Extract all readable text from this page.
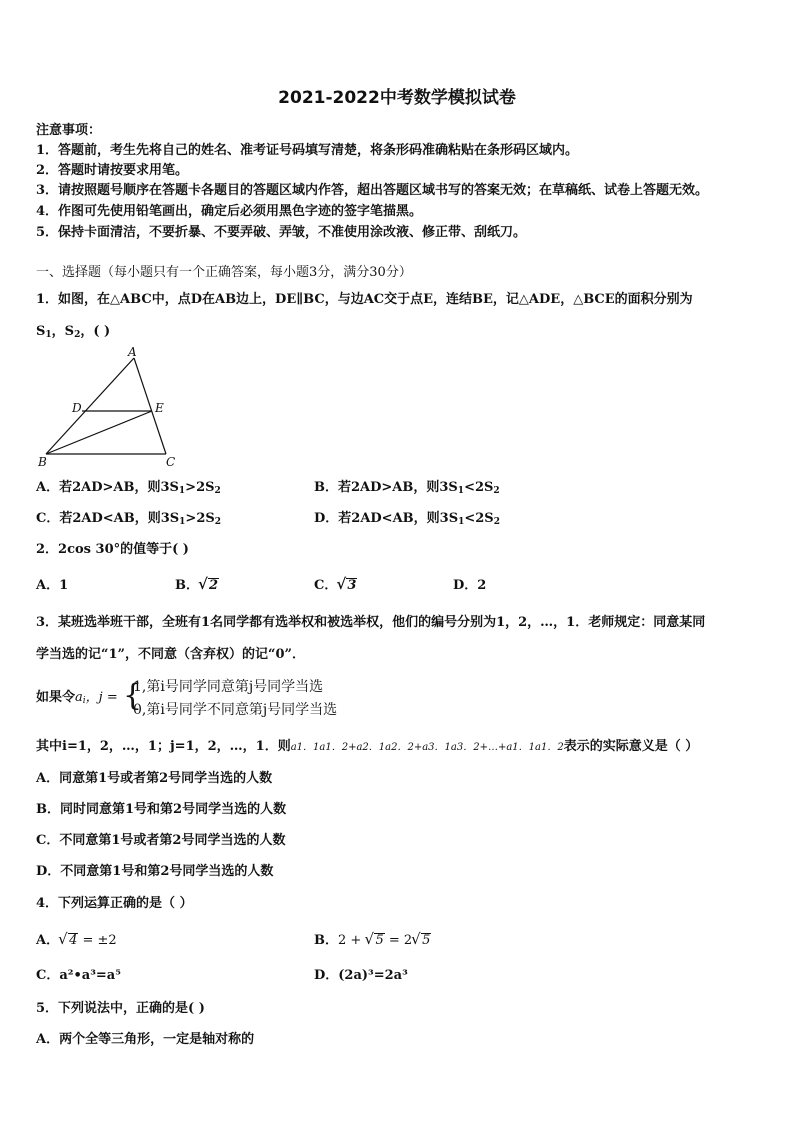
2021-2022中考数学模拟试卷
注意事项：
1．答题前，考生先将自己的姓名、准考证号码填写清楚，将条形码准确粘贴在条形码区域内。
2．答题时请按要求用笔。
3．请按照题号顺序在答题卡各题目的答题区域内作答，超出答题区域书写的答案无效；在草稿纸、试卷上答题无效。
4．作图可先使用铅笔画出，确定后必须用黑色字迹的签字笔描黑。
5．保持卡面清洁，不要折暴、不要弄破、弄皱，不准使用涂改液、修正带、刮纸刀。
一、选择题（每小题只有一个正确答案，每小题3分，满分30分）
1．如图，在△ABC中，点D在AB边上，DE∥BC，与边AC交于点E，连结BE，记△ADE，△BCE的面积分别为
$S_1$，$S_2$，( )
A
B	C
D	E
A．若2AD>AB，则$3S_1>2S_2$	B．若2AD>AB，则$3S_1<2S_2$
C．若2AD<AB，则$3S_1>2S_2$	D．若2AD<AB，则$3S_1<2S_2$
2．2cos 30°的值等于( )
A．1	B． √ 2	C． √ 3	D．2
3．某班选举班干部，全班有1名同学都有选举权和被选举权，他们的编号分别为1，2，…，1．老师规定：同意某同
学当选的记“1”，不同意（含弃权）的记“0”．
如果令$a_i$，j = {
1,第i号同学同意第j号同学当选
0,第i号同学不同意第j号同学当选
其中i=1，2，…，1；j=1，2，…，1．则a1．1a1．2+a2．1a2．2+a3．1a3．2+…+a1．1a1．2表示的实际意义是（ ）
A．同意第1号或者第2号同学当选的人数
B．同时同意第1号和第2号同学当选的人数
C．不同意第1号或者第2号同学当选的人数
D．不同意第1号和第2号同学当选的人数
4．下列运算正确的是（ ）
A． √ 4 = ±2	B．2 + √ 5 = 2 √ 5
C．a²•a³=a⁵	D．(2a)³=2a³
5．下列说法中，正确的是( )
A．两个全等三角形，一定是轴对称的
